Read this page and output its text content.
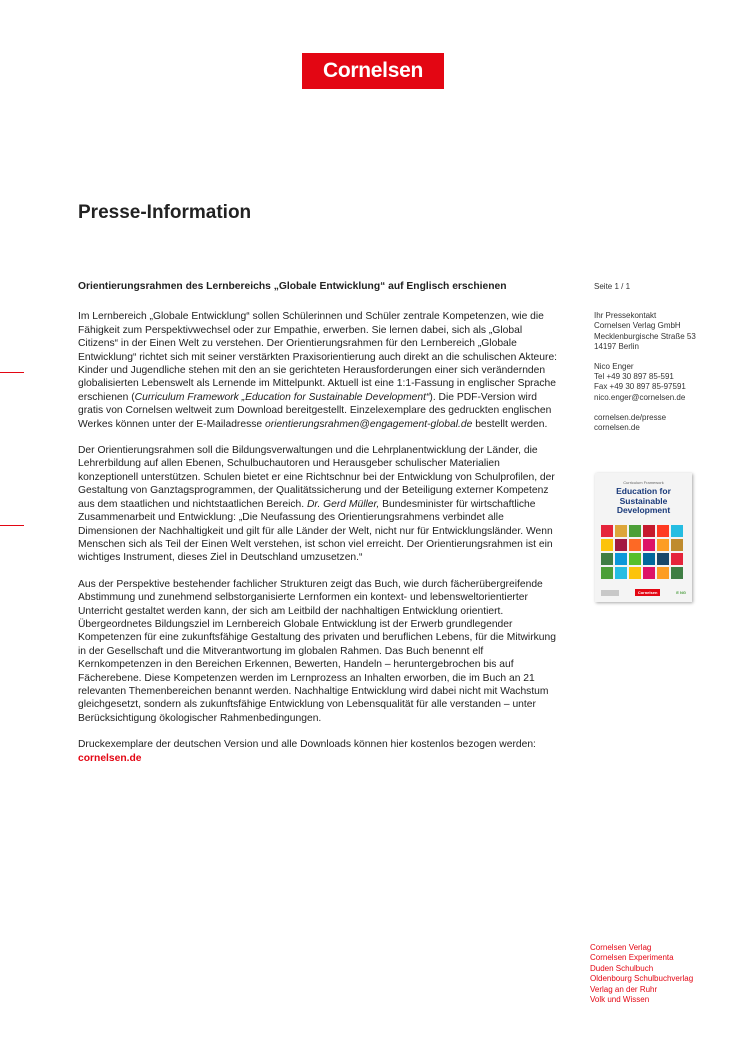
Cornelsen
Presse-Information

Orientierungsrahmen des Lernbereichs „Globale Entwicklung“ auf Englisch erschienen

Im Lernbereich „Globale Entwicklung“ sollen Schülerinnen und Schüler zentrale Kompetenzen, wie die Fähigkeit zum Perspektivwechsel oder zur Empathie, erwerben. Sie lernen dabei, sich als „Global Citizens“ in der Einen Welt zu verstehen. Der Orientierungsrahmen für den Lernbereich „Globale Entwicklung“ richtet sich mit seiner verstärkten Praxisorientierung auch direkt an die schulischen Akteure: Kinder und Jugendliche stehen mit den an sie gerichteten Herausforderungen einer sich verändernden globalisierten Lebenswelt als Lernende im Mittelpunkt. Aktuell ist eine 1:1-Fassung in englischer Sprache erschienen (Curriculum Framework „Education for Sustainable Development“). Die PDF-Version wird gratis von Cornelsen weltweit zum Download bereitgestellt. Einzelexemplare des gedruckten englischen Werkes können unter der E-Mailadresse orientierungsrahmen@engagement-global.de bestellt werden.

Der Orientierungsrahmen soll die Bildungsverwaltungen und die Lehrplanentwicklung der Länder, die Lehrerbildung auf allen Ebenen, Schulbuchautoren und Herausgeber schulischer Materialien konzeptionell unterstützen. Schulen bietet er eine Richtschnur bei der Entwicklung von Schulprofilen, der Gestaltung von Ganztagsprogrammen, der Qualitätssicherung und der Beteiligung externer Kompetenz aus dem staatlichen und nichtstaatlichen Bereich. Dr. Gerd Müller, Bundesminister für wirtschaftliche Zusammenarbeit und Entwicklung: „Die Neufassung des Orientierungsrahmens verbindet alle Dimensionen der Nachhaltigkeit und gilt für alle Länder der Welt, nicht nur für Entwicklungsländer. Wenn Menschen sich als Teil der Einen Welt verstehen, ist schon viel erreicht. Der Orientierungsrahmen ist ein wichtiges Instrument, dieses Ziel in Deutschland umzusetzen.“

Aus der Perspektive bestehender fachlicher Strukturen zeigt das Buch, wie durch fächerübergreifende Abstimmung und zunehmend selbstorganisierte Lernformen ein kontext- und lebensweltorientierter Unterricht gestaltet werden kann, der sich am Leitbild der nachhaltigen Entwicklung orientiert. Übergeordnetes Bildungsziel im Lernbereich Globale Entwicklung ist der Erwerb grundlegender Kompetenzen für eine zukunftsfähige Gestaltung des privaten und beruflichen Lebens, für die Mitwirkung in der Gesellschaft und die Mitverantwortung im globalen Rahmen. Das Buch benennt elf Kernkompetenzen in den Bereichen Erkennen, Bewerten, Handeln – heruntergebrochen bis auf Fächerebene. Diese Kompetenzen werden im Lernprozess an Inhalten erworben, die im Buch an 21 relevanten Themenbereichen benannt werden. Nachhaltige Entwicklung wird dabei nicht mit Wachstum gleichgesetzt, sondern als zukunftsfähige Entwicklung von Lebensqualität für alle verstanden – unter Berücksichtigung ökologischer Rahmenbedingungen.

Druckexemplare der deutschen Version und alle Downloads können hier kostenlos bezogen werden:
cornelsen.de

Seite 1 / 1
Ihr Pressekontakt
Cornelsen Verlag GmbH
Mecklenburgische Straße 53
14197 Berlin
Nico Enger
Tel +49 30 897 85-591
Fax +49 30 897 85-97591
nico.enger@cornelsen.de
cornelsen.de/presse
cornelsen.de
Curriculum Framework
Education for
Sustainable
Development
Cornelsen	E NG
Cornelsen Verlag
Cornelsen Experimenta
Duden Schulbuch
Oldenbourg Schulbuchverlag
Verlag an der Ruhr
Volk und Wissen
